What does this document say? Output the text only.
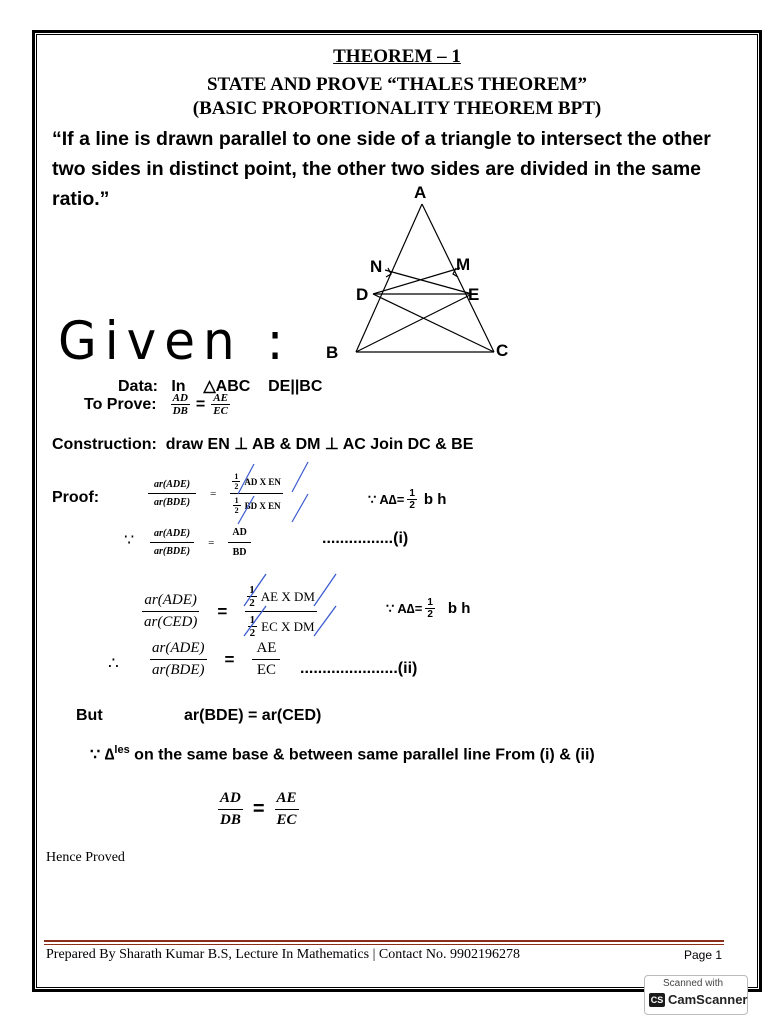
THEOREM – 1
STATE AND PROVE “THALES THEOREM”
(BASIC PROPORTIONALITY THEOREM BPT)
“If a line is drawn parallel to one side of a triangle to intersect the other two sides in distinct point, the other two sides are divided in the same ratio.”	A
N	M
D	E
B	C
Given :
Data: In △ABC DE||BC
To Prove: $\frac{AD}{DB} = \frac{AE}{EC}$
Construction: draw EN ⊥ AB & DM ⊥ AC Join DC & BE
Proof:	$\frac{\text{ar(ADE)}}{\text{ar(BDE)}} = \frac{\frac{1}{2} AD X EN}{\frac{1}{2} BD X EN}$	∵ $A\Delta= \frac{1}{2}$ b h
∵ $\frac{\text{ar(ADE)}}{\text{ar(BDE)}} = \frac{AD}{BD}$	................(i)
$\frac{\text{ar(ADE)}}{\text{ar(CED)}} = \frac{\frac{1}{2} AE X DM}{\frac{1}{2} EC X DM}$	∵ $A\Delta= \frac{1}{2}$ b h
∴ $\frac{\text{ar(ADE)}}{\text{ar(BDE)}} = \frac{AE}{EC} ......................(ii)$
But	ar(BDE) = ar(CED)
∵ ∆$^{les}$ on the same base & between same parallel line From (i) & (ii)
$\frac{AD}{DB} = \frac{AE}{EC}$
Hence Proved
Prepared By Sharath Kumar B.S, Lecture In Mathematics | Contact No. 9902196278	Page 1
Scanned with
CS CamScanner
